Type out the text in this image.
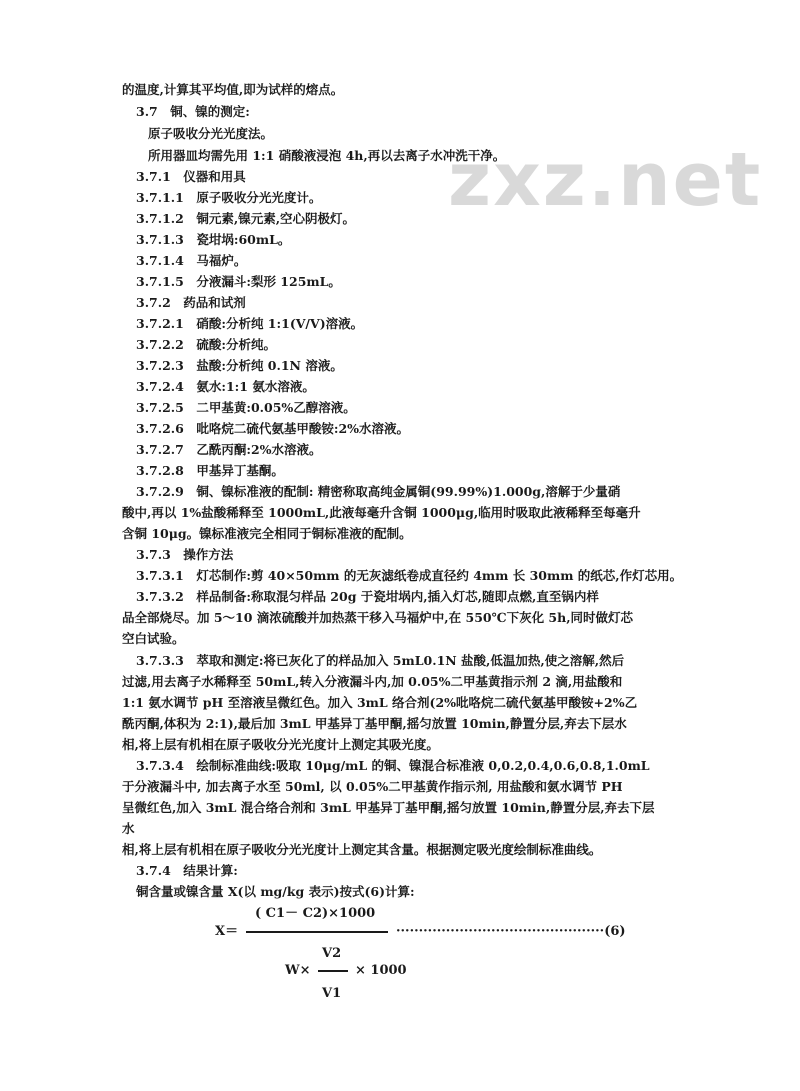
zxz.net
的温度,计算其平均值,即为试样的熔点。
3.7　铜、镍的测定:
原子吸收分光光度法。
所用器皿均需先用 1:1 硝酸液浸泡 4h,再以去离子水冲洗干净。
3.7.1　仪器和用具
3.7.1.1　原子吸收分光光度计。
3.7.1.2　铜元素,镍元素,空心阴极灯。
3.7.1.3　瓷坩埚:60mL。
3.7.1.4　马福炉。
3.7.1.5　分液漏斗:梨形 125mL。
3.7.2　药品和试剂
3.7.2.1　硝酸:分析纯 1:1(V/V)溶液。
3.7.2.2　硫酸:分析纯。
3.7.2.3　盐酸:分析纯 0.1N 溶液。
3.7.2.4　氨水:1:1 氨水溶液。
3.7.2.5　二甲基黄:0.05%乙醇溶液。
3.7.2.6　吡咯烷二硫代氨基甲酸铵:2%水溶液。
3.7.2.7　乙酰丙酮:2%水溶液。
3.7.2.8　甲基异丁基酮。
3.7.2.9　铜、镍标准液的配制: 精密称取高纯金属铜(99.99%)1.000g,溶解于少量硝
酸中,再以 1%盐酸稀释至 1000mL,此液每毫升含铜 1000μg,临用时吸取此液稀释至每毫升
含铜 10μg。镍标准液完全相同于铜标准液的配制。
3.7.3　操作方法
3.7.3.1　灯芯制作:剪 40×50mm 的无灰滤纸卷成直径约 4mm 长 30mm 的纸芯,作灯芯用。
3.7.3.2　样品制备:称取混匀样品 20g 于瓷坩埚内,插入灯芯,随即点燃,直至锅内样
品全部烧尽。加 5～10 滴浓硫酸并加热蒸干移入马福炉中,在 550℃下灰化 5h,同时做灯芯
空白试验。
3.7.3.3　萃取和测定:将已灰化了的样品加入 5mL0.1N 盐酸,低温加热,使之溶解,然后
过滤,用去离子水稀释至 50mL,转入分液漏斗内,加 0.05%二甲基黄指示剂 2 滴,用盐酸和
1:1 氨水调节 pH 至溶液呈微红色。加入 3mL 络合剂(2%吡咯烷二硫代氨基甲酸铵+2%乙
酰丙酮,体积为 2:1),最后加 3mL 甲基异丁基甲酮,摇匀放置 10min,静置分层,弃去下层水
相,将上层有机相在原子吸收分光光度计上测定其吸光度。
3.7.3.4　绘制标准曲线:吸取 10μg/mL 的铜、镍混合标准液 0,0.2,0.4,0.6,0.8,1.0mL
于分液漏斗中, 加去离子水至 50ml, 以 0.05%二甲基黄作指示剂, 用盐酸和氨水调节 PH
呈微红色,加入 3mL 混合络合剂和 3mL 甲基异丁基甲酮,摇匀放置 10min,静置分层,弃去下层
水
相,将上层有机相在原子吸收分光光度计上测定其含量。根据测定吸光度绘制标准曲线。
3.7.4　结果计算:
铜含量或镍含量 X(以 mg/kg 表示)按式(6)计算:
( C1－ C2)×1000
X＝	··············································(6)
V2
W×	× 1000
V1
